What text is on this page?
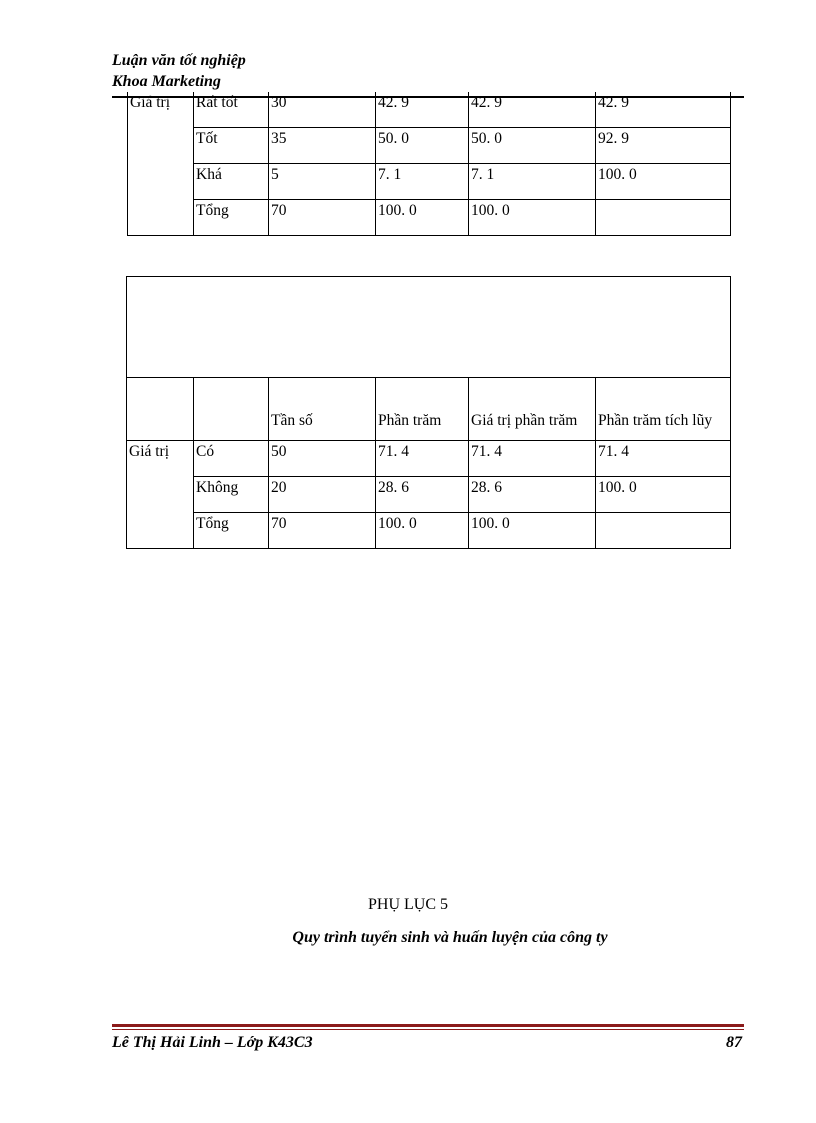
Luận văn tốt nghiệp
Khoa Marketing
Giá trị	Rất tốt	30	42. 9	42. 9	42. 9
	Tốt	35	50. 0	50. 0	92. 9
	Khá	5	7. 1	7. 1	100. 0
	Tổng	70	100. 0	100. 0	

		Tần số	Phần trăm	Giá trị phần trăm	Phần trăm tích lũy
Giá trị	Có	50	71. 4	71. 4	71. 4
	Không	20	28. 6	28. 6	100. 0
	Tổng	70	100. 0	100. 0	
PHỤ LỤC 5
Quy trình tuyển sinh và huấn luyện của công ty
Lê Thị Hải Linh – Lớp K43C3	87
